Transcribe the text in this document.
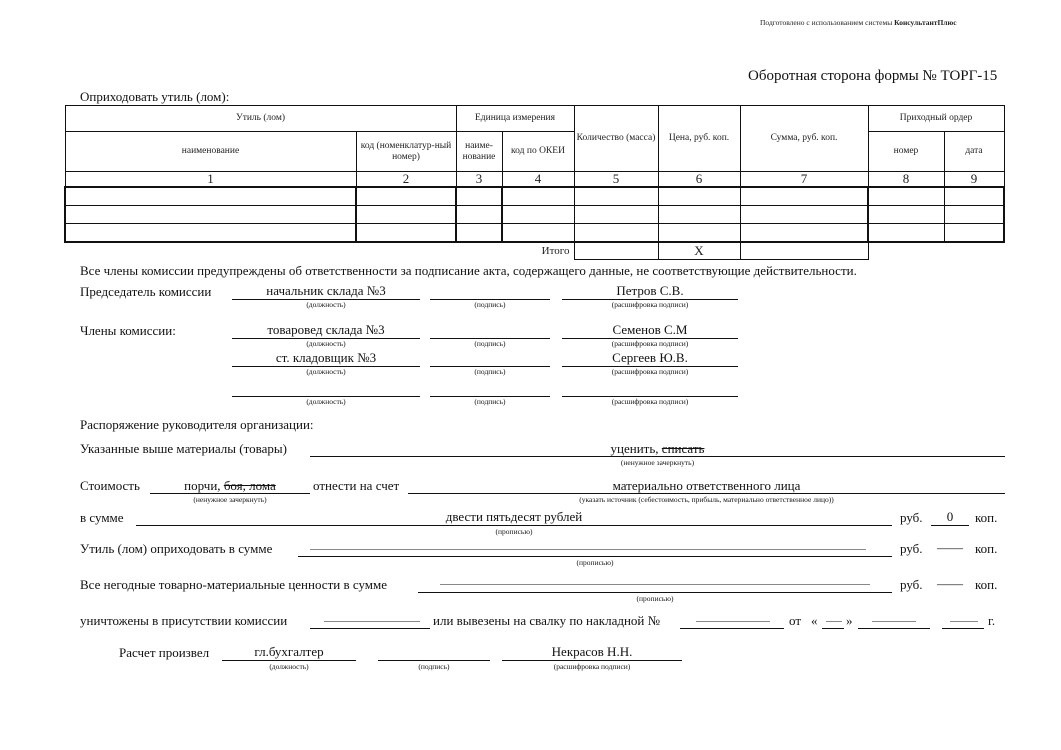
Подготовлено с использованием системы КонсультантПлюс
Оборотная сторона формы № ТОРГ-15
Оприходовать утиль (лом):
Утиль (лом)		Единица измерения		Количество (масса)	Цена, руб. коп.	Сумма, руб. коп.	Приходный ордер	
наименование	код (номенклатур-ный номер)	наиме-нование	код по ОКЕИ				номер	дата
1	2	3	4	5	6	7	8	9

			Итого		X			
Все члены комиссии предупреждены об ответственности за подписание акта, содержащего данные, не соответствующие действительности.
Председатель комиссии	начальник склада №3
(должность)	(подпись)
Петров С.В.
(расшифровка подписи)
Члены комиссии:	товаровед склада №3
(должность)	(подпись)
Семенов С.М
(расшифровка подписи)
ст. кладовщик №3
(должность)	(подпись)
Сергеев Ю.В.
(расшифровка подписи)
(должность)	(подпись)	(расшифровка подписи)
Распоряжение руководителя организации:
Указанные выше материалы (товары)	уценить, списать
(ненужное зачеркнуть)
Стоимость	порчи, боя, лома
(ненужное зачеркнуть)
отнести на счет	материально ответственного лица
(указать источник (себестоимость, прибыль, материально ответственное лицо))
в сумме	двести пятьдесят рублей
(прописью)
руб.	0	коп.
Утиль (лом) оприходовать в сумме
(прописью)
руб.	—— коп.
Все негодные товарно-материальные ценности в сумме
(прописью)
руб.	—— коп.
уничтожены в присутствии комиссии	или вывезены на свалку по накладной №	от « »	г.
Расчет произвел	гл.бухгалтер
(должность)	(подпись)
Некрасов Н.Н.
(расшифровка подписи)
